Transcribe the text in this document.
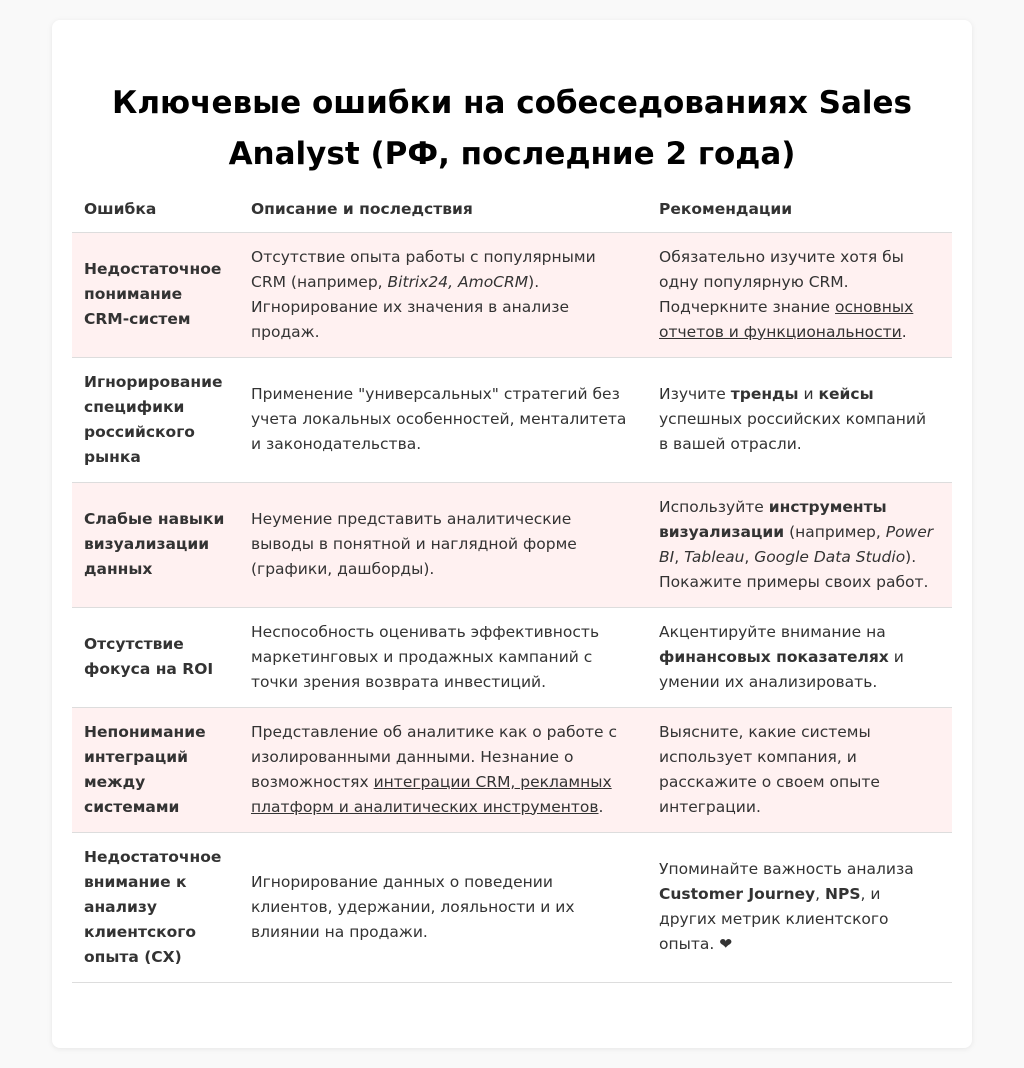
Ключевые ошибки на собеседованиях Sales Analyst (РФ, последние 2 года)
Ошибка	Описание и последствия	Рекомендации
Недостаточное понимание CRM-систем	Отсутствие опыта работы с популярными CRM (например, Bitrix24, AmoCRM). Игнорирование их значения в анализе продаж.	Обязательно изучите хотя бы одну популярную CRM. Подчеркните знание основных отчетов и функциональности.
Игнорирование специфики российского рынка	Применение "универсальных" стратегий без учета локальных особенностей, менталитета и законодательства.	Изучите тренды и кейсы успешных российских компаний в вашей отрасли.
Слабые навыки визуализации данных	Неумение представить аналитические выводы в понятной и наглядной форме (графики, дашборды).	Используйте инструменты визуализации (например, Power BI, Tableau, Google Data Studio). Покажите примеры своих работ.
Отсутствие фокуса на ROI	Неспособность оценивать эффективность маркетинговых и продажных кампаний с точки зрения возврата инвестиций.	Акцентируйте внимание на финансовых показателях и умении их анализировать.
Непонимание интеграций между системами	Представление об аналитике как о работе с изолированными данными. Незнание о возможностях интеграции CRM, рекламных платформ и аналитических инструментов.	Выясните, какие системы использует компания, и расскажите о своем опыте интеграции.
Недостаточное внимание к анализу клиентского опыта (CX)	Игнорирование данных о поведении клиентов, удержании, лояльности и их влиянии на продажи.	Упоминайте важность анализа Customer Journey, NPS, и других метрик клиентского опыта. ❤
